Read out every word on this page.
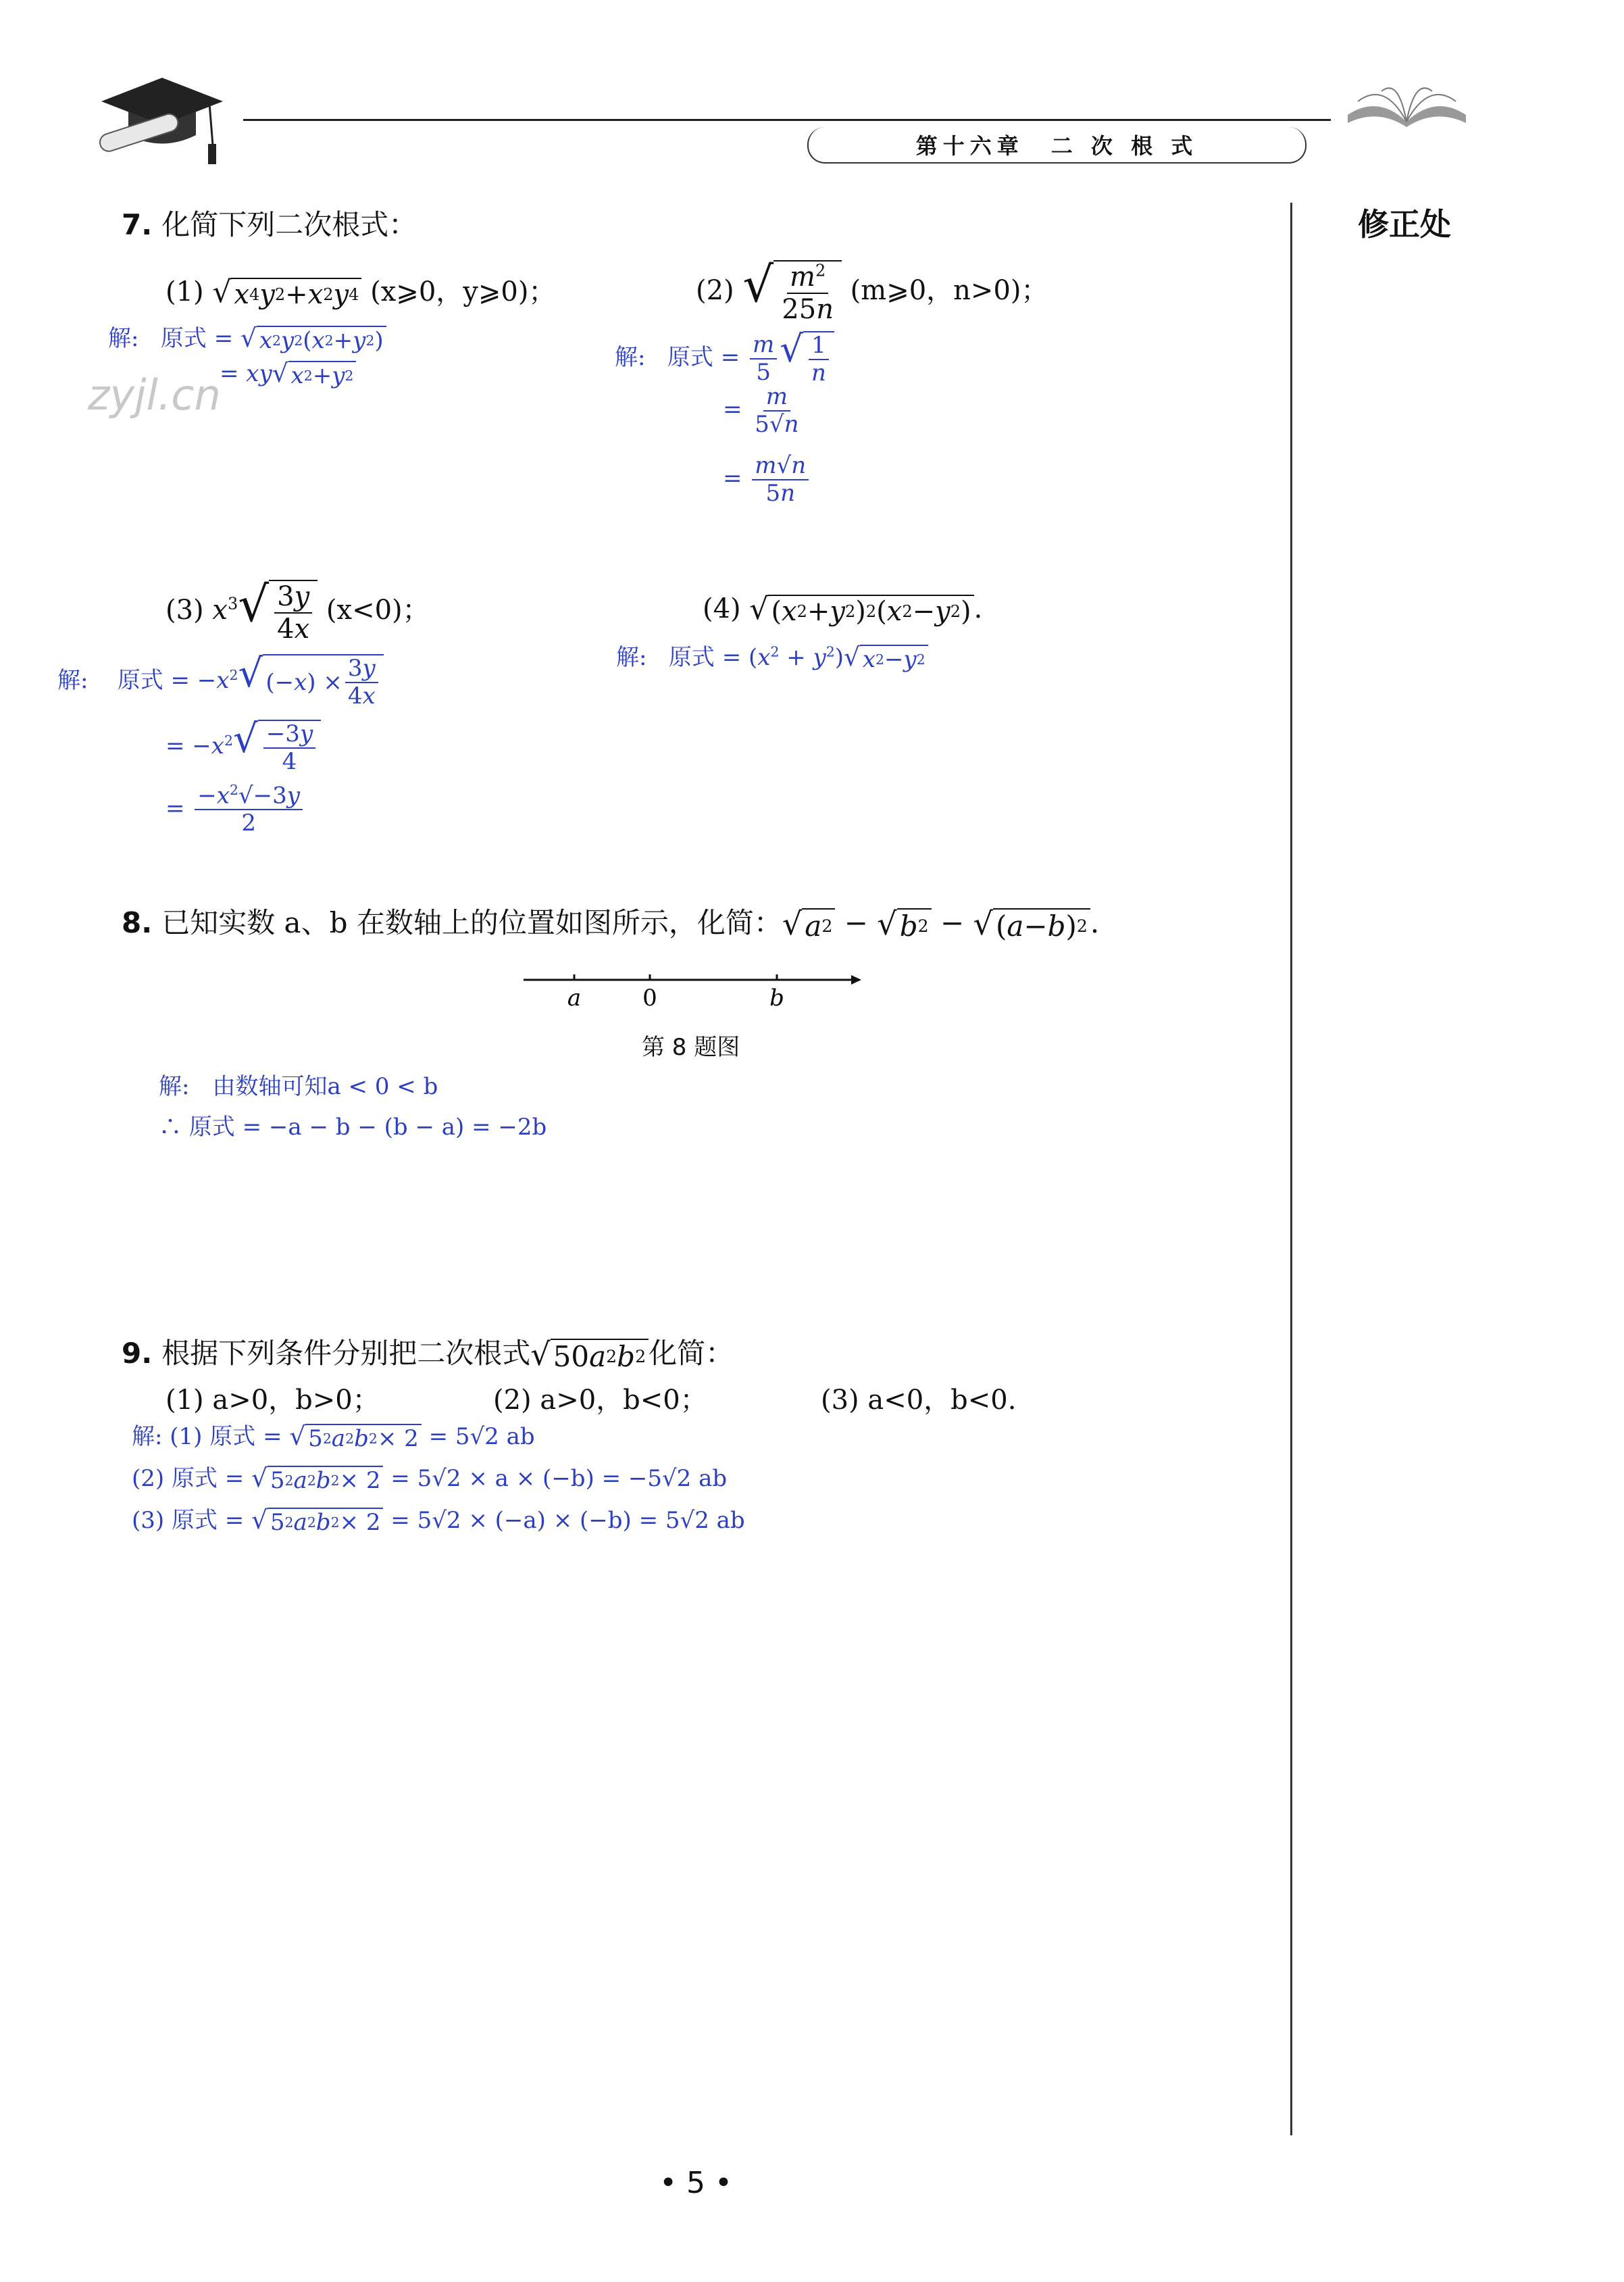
第十六章　二 次 根 式
修正处
zyjl.cn
7. 化简下列二次根式：
(1) √ x 4 y 2 + x 2 y 4 (x⩾0，y⩾0)；
解: 原式 = √ x 2 y 2 ( x 2 + y 2 )
= xy √ x 2 + y 2
(2) √ $\frac{m^2}{25n}$ (m⩾0，n>0)；
解: 原式 = $\frac{m}{5}$ √ $\frac{1}{n}$
= $\frac{m}{5√n}$
= $\frac{m√n}{5n}$
(3) $x^3$ √ $\frac{3y}{4x} (x<0)$；
解: 原式 = $-x^2$ √ (− x ) × $\frac{3y}{4x}$
= $-x^2$ √ $\frac{-3y}{4}$
= $\frac{-x^2√-3y}{2}$
(4) √ ( x 2 + y 2 ) 2 ( x 2 − y 2 ) .
解: 原式 = $(x^2 + y^2)$ √ x 2 − y 2
8. 已知实数 a、b 在数轴上的位置如图所示，化简： √ a 2 − √ b 2 − √ ( a − b ) 2 .
a	0	b
第 8 题图
解:　由数轴可知a < 0 < b
∴ 原式 = −a − b − (b − a) = −2b
9. 根据下列条件分别把二次根式 √ 50 a 2 b 2 化简：
(1) a>0，b>0；	(2) a>0，b<0；	(3) a<0，b<0.
解: (1) 原式 = √ 5 2 a 2 b 2 × 2 = 5√2 ab
(2) 原式 = √ 5 2 a 2 b 2 × 2 = 5√2 × a × (−b) = −5√2 ab
(3) 原式 = √ 5 2 a 2 b 2 × 2 = 5√2 × (−a) × (−b) = 5√2 ab
• 5 •
